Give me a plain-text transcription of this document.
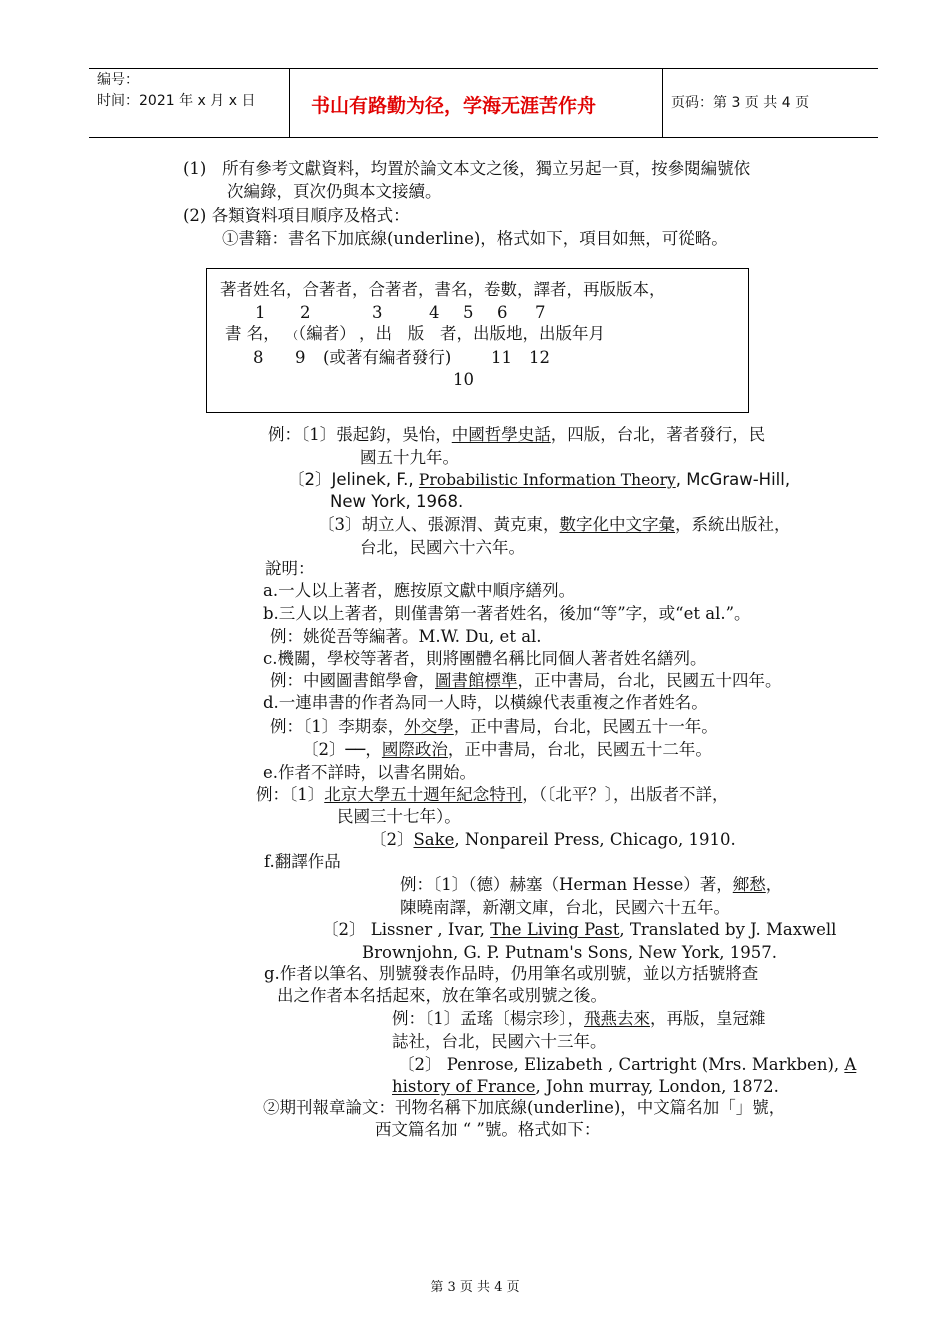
编号：
时间：2021 年 x 月 x 日	书山有路勤为径，学海无涯苦作舟	页码：第 3 页 共 4 页
(1)   所有參考文獻資料，均置於論文本文之後，獨立另起一頁，按參閱編號依
次編錄，頁次仍與本文接續。
(2) 各類資料項目順序及格式：
①書籍：書名下加底線(underline)，格式如下，項目如無，可從略。
著者姓名，合著者，合著者，書名，卷數，譯者，再版版本，
1 2	3	4 5 6 7
書 名， （（編者） ，出   版   者，出版地，出版年月
8 9 (或著有編者發行) 11 12
10
例：〔1〕張起鈞，吳怡，中國哲學史話，四版，台北，著者發行，民
國五十九年。
〔2〕Jelinek, F., Probabilistic Information Theory, McGraw-Hill,
New York, 1968.
〔3〕胡立人、張源渭、黃克東，數字化中文字彙，系統出版社，
台北，民國六十六年。
說明：
a.一人以上著者，應按原文獻中順序繕列。
b.三人以上著者，則僅書第一著者姓名，後加“等”字，或“et al.”。
例：姚從吾等編著。M.W. Du, et al.
c.機關，學校等著者，則將團體名稱比同個人著者姓名繕列。
例：中國圖書館學會，圖書館標準，正中書局，台北，民國五十四年。
d.一連串書的作者為同一人時，以橫線代表重複之作者姓名。
例：〔1〕李期泰，外交學，正中書局，台北，民國五十一年。
〔2〕──，國際政治，正中書局，台北，民國五十二年。
e.作者不詳時，以書名開始。
例：〔1〕北京大學五十週年紀念特刊，（〔北平？〕，出版者不詳，
民國三十七年）。
〔2〕Sake, Nonpareil Press, Chicago, 1910.
f.翻譯作品
例：〔1〕（德）赫塞（Herman Hesse）著，鄉愁，
陳曉南譯，新潮文庫，台北，民國六十五年。
〔2〕 Lissner , Ivar, The Living Past, Translated by J. Maxwell
Brownjohn, G. P. Putnam's Sons, New York, 1957.
g.作者以筆名、別號發表作品時，仍用筆名或別號，並以方括號將查
出之作者本名括起來，放在筆名或別號之後。
例：〔1〕孟瑤〔楊宗珍〕，飛燕去來，再版，皇冠雜
誌社，台北，民國六十三年。
〔2〕 Penrose, Elizabeth , Cartright (Mrs. Markben), A
history of France, John murray, London, 1872.
②期刊報章論文：刊物名稱下加底線(underline)，中文篇名加「」號，
西文篇名加 “ ”號。格式如下：
第 3 页 共 4 页
